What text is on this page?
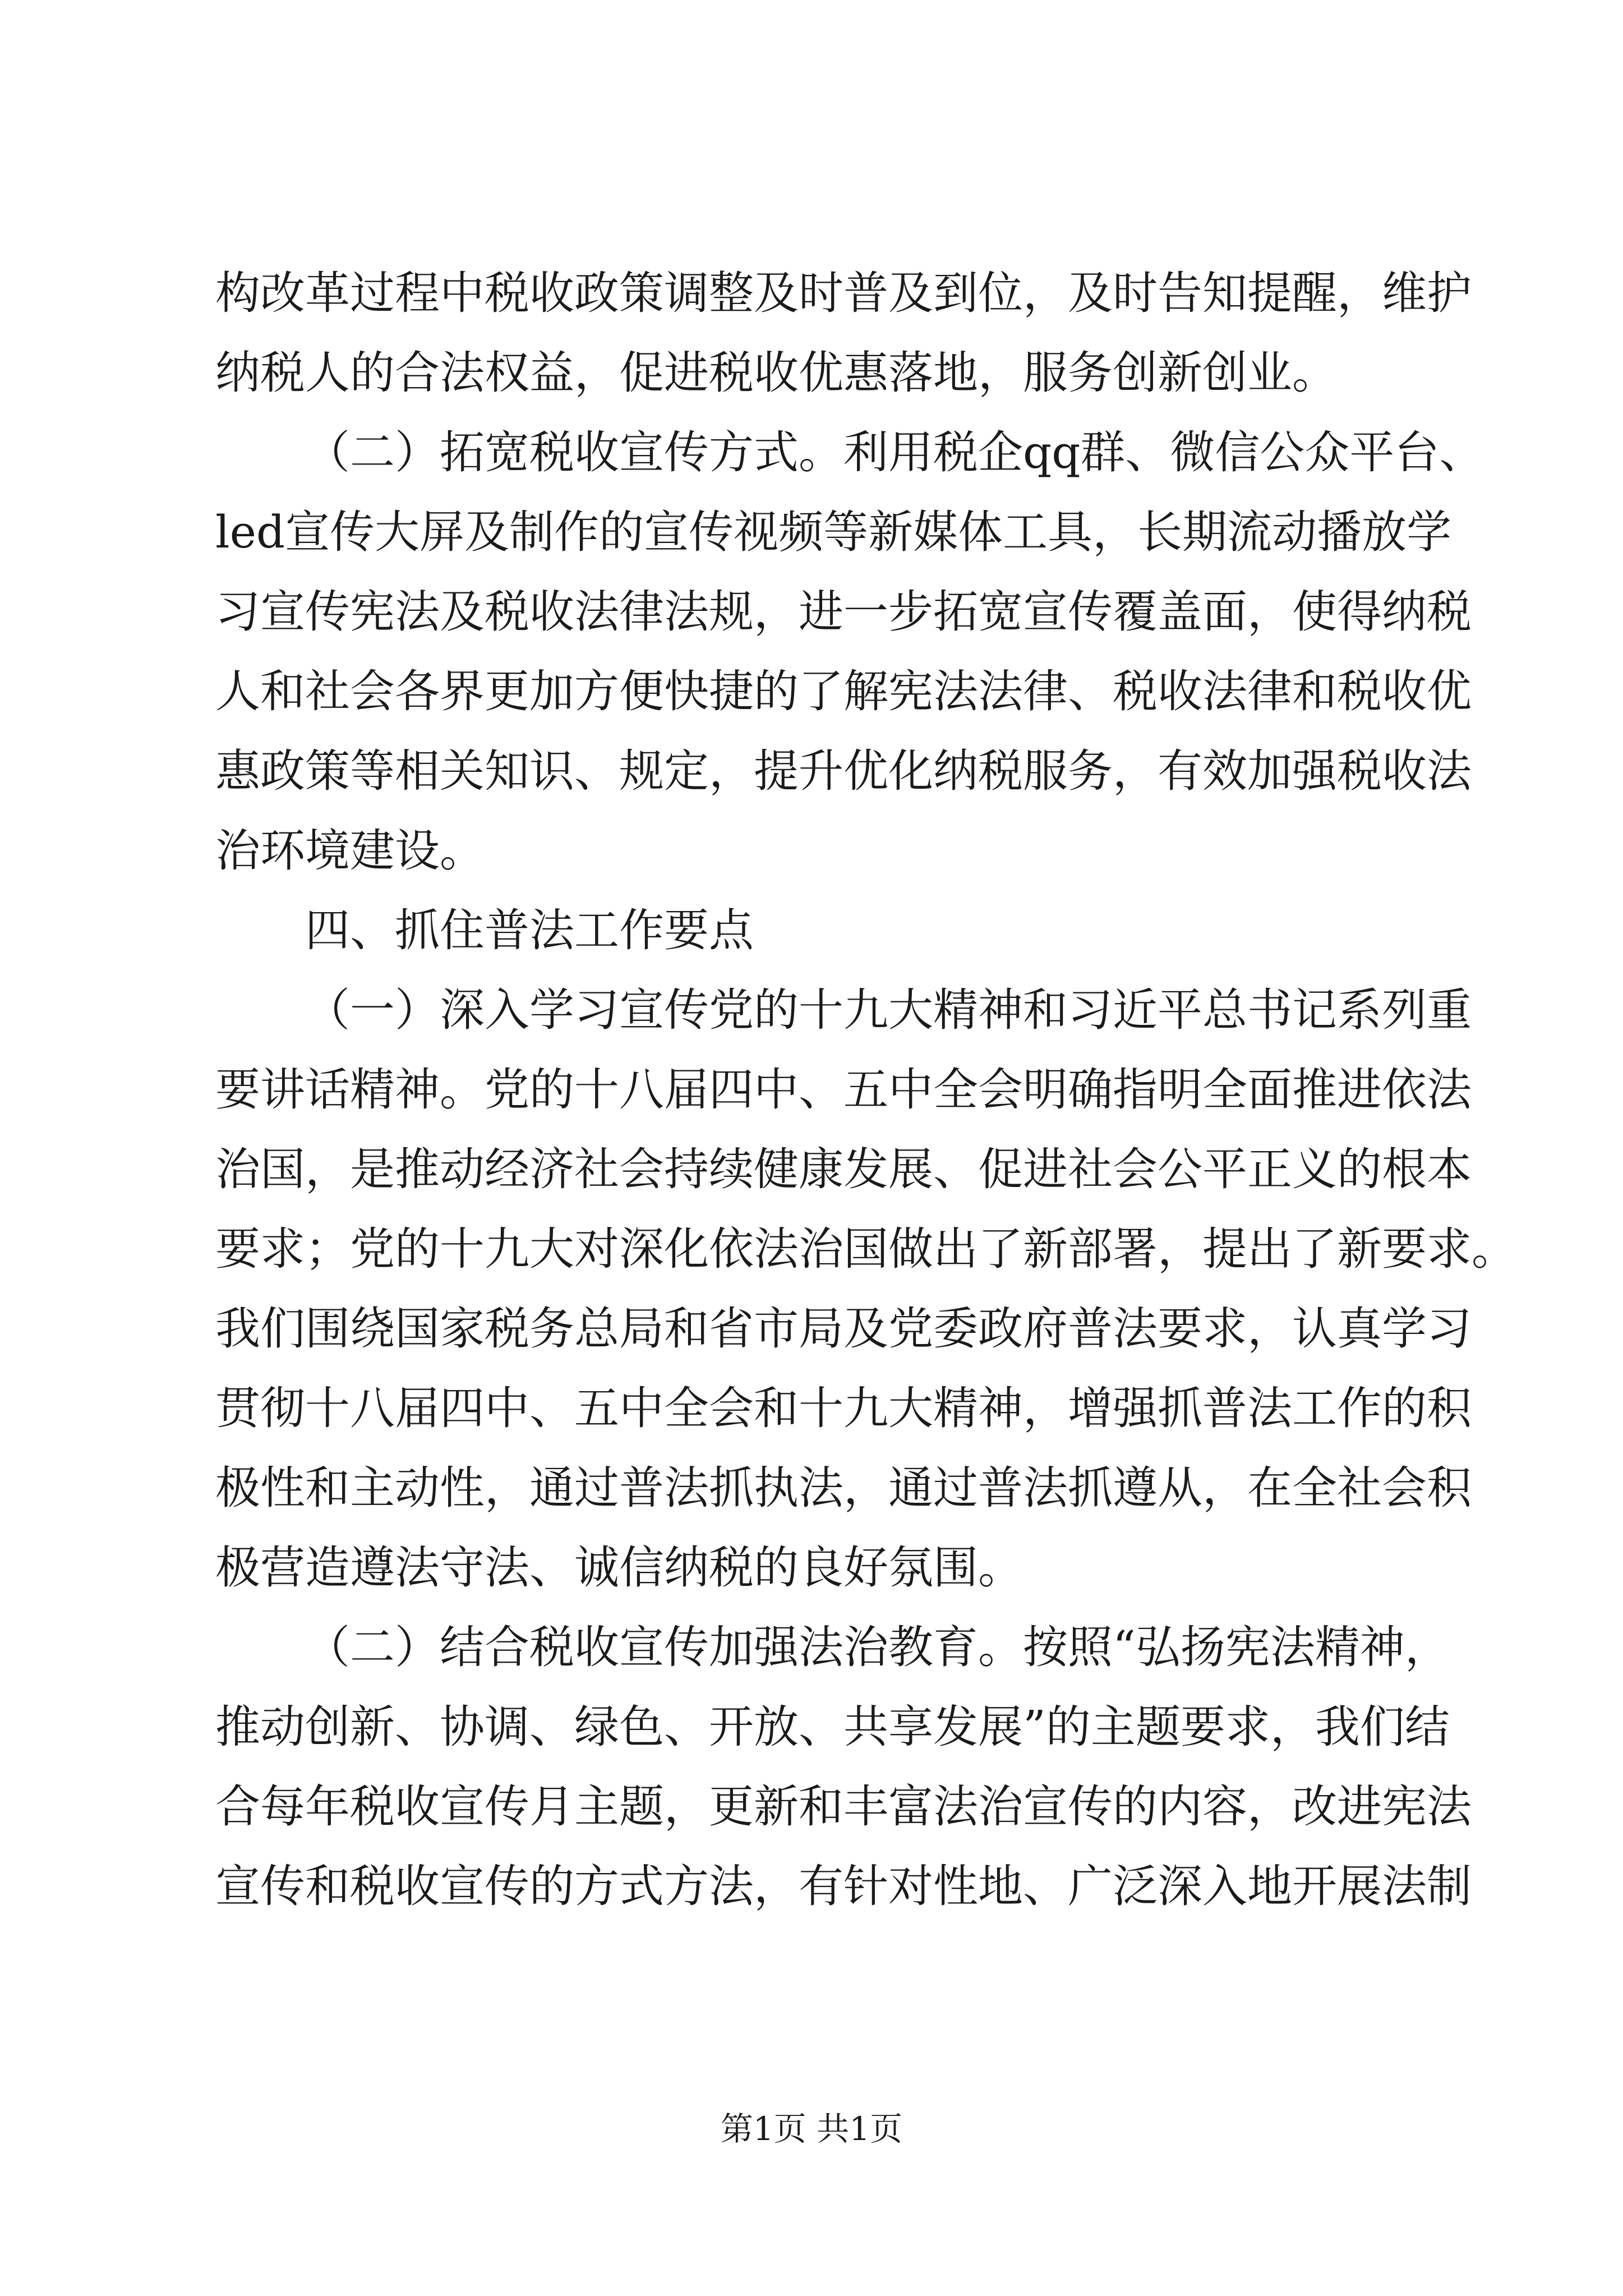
构改革过程中税收政策调整及时普及到位，及时告知提醒，维护
纳税人的合法权益，促进税收优惠落地，服务创新创业。
（二）拓宽税收宣传方式。利用税企qq群、微信公众平台、
led宣传大屏及制作的宣传视频等新媒体工具，长期流动播放学
习宣传宪法及税收法律法规，进一步拓宽宣传覆盖面，使得纳税
人和社会各界更加方便快捷的了解宪法法律、税收法律和税收优
惠政策等相关知识、规定，提升优化纳税服务，有效加强税收法
治环境建设。
四、抓住普法工作要点
（一）深入学习宣传党的十九大精神和习近平总书记系列重
要讲话精神。党的十八届四中、五中全会明确指明全面推进依法
治国，是推动经济社会持续健康发展、促进社会公平正义的根本
要求；党的十九大对深化依法治国做出了新部署，提出了新要求。
我们围绕国家税务总局和省市局及党委政府普法要求，认真学习
贯彻十八届四中、五中全会和十九大精神，增强抓普法工作的积
极性和主动性，通过普法抓执法，通过普法抓遵从，在全社会积
极营造遵法守法、诚信纳税的良好氛围。
（二）结合税收宣传加强法治教育。按照“弘扬宪法精神，
推动创新、协调、绿色、开放、共享发展”的主题要求，我们结
合每年税收宣传月主题，更新和丰富法治宣传的内容，改进宪法
宣传和税收宣传的方式方法，有针对性地、广泛深入地开展法制
第1页 共1页
